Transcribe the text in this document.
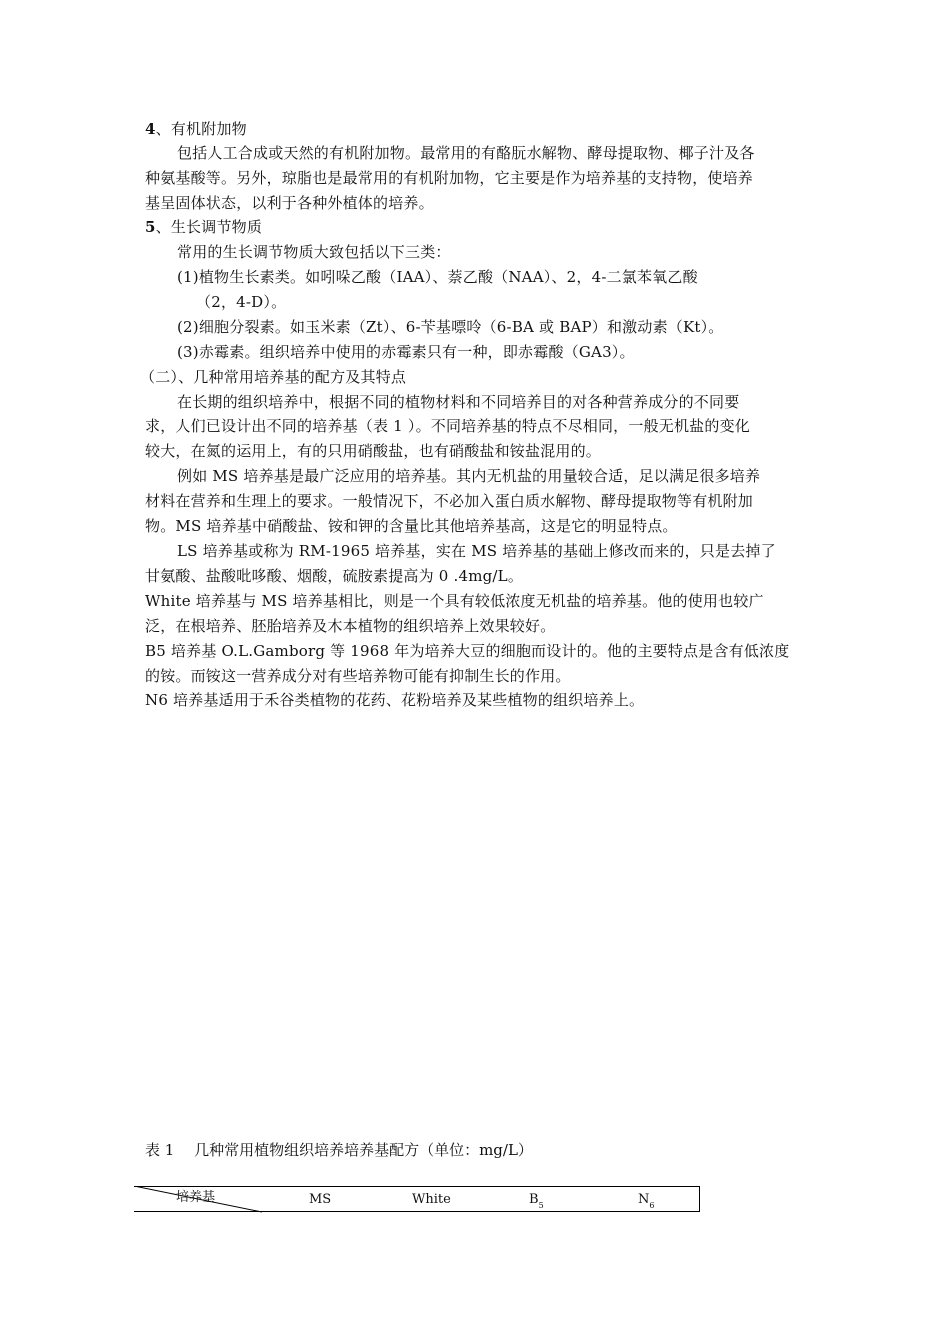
4、有机附加物
包括人工合成或天然的有机附加物。最常用的有酪朊水解物、酵母提取物、椰子汁及各
种氨基酸等。另外，琼脂也是最常用的有机附加物，它主要是作为培养基的支持物，使培养
基呈固体状态，以利于各种外植体的培养。
5、生长调节物质
常用的生长调节物质大致包括以下三类：
(1)植物生长素类。如吲哚乙酸（IAA）、萘乙酸（NAA）、2，4-二氯苯氧乙酸
（2，4-D）。
(2)细胞分裂素。如玉米素（Zt）、6-苄基嘌呤（6-BA 或 BAP）和激动素（Kt）。
(3)赤霉素。组织培养中使用的赤霉素只有一种，即赤霉酸（GA3）。
（二）、几种常用培养基的配方及其特点
在长期的组织培养中，根据不同的植物材料和不同培养目的对各种营养成分的不同要
求，人们已设计出不同的培养基（表 1 ）。不同培养基的特点不尽相同，一般无机盐的变化
较大，在氮的运用上，有的只用硝酸盐，也有硝酸盐和铵盐混用的。
例如 MS 培养基是最广泛应用的培养基。其内无机盐的用量较合适，足以满足很多培养
材料在营养和生理上的要求。一般情况下，不必加入蛋白质水解物、酵母提取物等有机附加
物。MS 培养基中硝酸盐、铵和钾的含量比其他培养基高，这是它的明显特点。
LS 培养基或称为 RM-1965 培养基，实在 MS 培养基的基础上修改而来的，只是去掉了
甘氨酸、盐酸吡哆酸、烟酸，硫胺素提高为 0 .4mg/L。
White 培养基与 MS 培养基相比，则是一个具有较低浓度无机盐的培养基。他的使用也较广
泛，在根培养、胚胎培养及木本植物的组织培养上效果较好。
B5 培养基 O.L.Gamborg 等 1968 年为培养大豆的细胞而设计的。他的主要特点是含有低浓度
的铵。而铵这一营养成分对有些培养物可能有抑制生长的作用。
N6 培养基适用于禾谷类植物的花药、花粉培养及某些植物的组织培养上。
表 1　 几种常用植物组织培养培养基配方（单位：mg/L）
培养基	MS	White	$B_5$	$N_6$
